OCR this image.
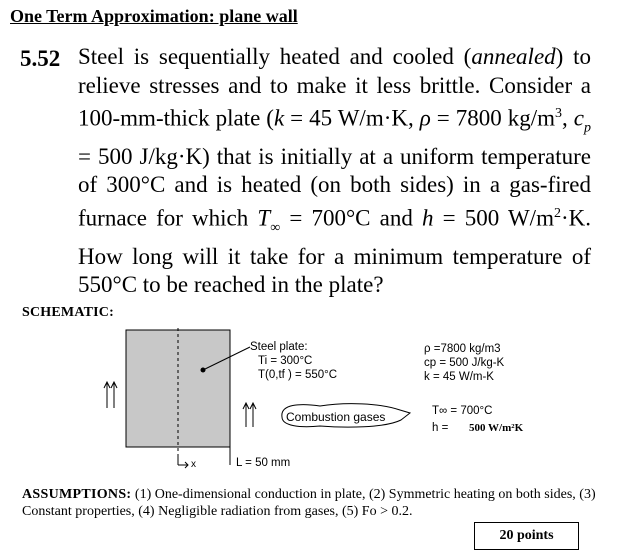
One Term Approximation: plane wall
5.52 Steel is sequentially heated and cooled (annealed) to relieve stresses and to make it less brittle. Consider a 100-mm-thick plate (k = 45 W/m·K, ρ = 7800 $kg/m^3$, $c_p = 500$ J/kg·K) that is initially at a uniform temperature of 300°C and is heated (on both sides) in a gas-fired furnace for which $T_\infty = 700^\circ C$ and h = 500 $W/m^2\cdot K$. How long will it take for a minimum temperature of 550°C to be reached in the plate?
SCHEMATIC:
Steel plate:
Ti = 300°C
T(0,tf ) = 550°C
ρ =7800 kg/m3
cp = 500 J/kg-K
k = 45 W/m-K
Combustion gases	T∞ = 700°C
h = 500 W/m²K
x	L = 50 mm
ASSUMPTIONS: (1) One-dimensional conduction in plate, (2) Symmetric heating on both sides, (3) Constant properties, (4) Negligible radiation from gases, (5) Fo > 0.2.
20 points
